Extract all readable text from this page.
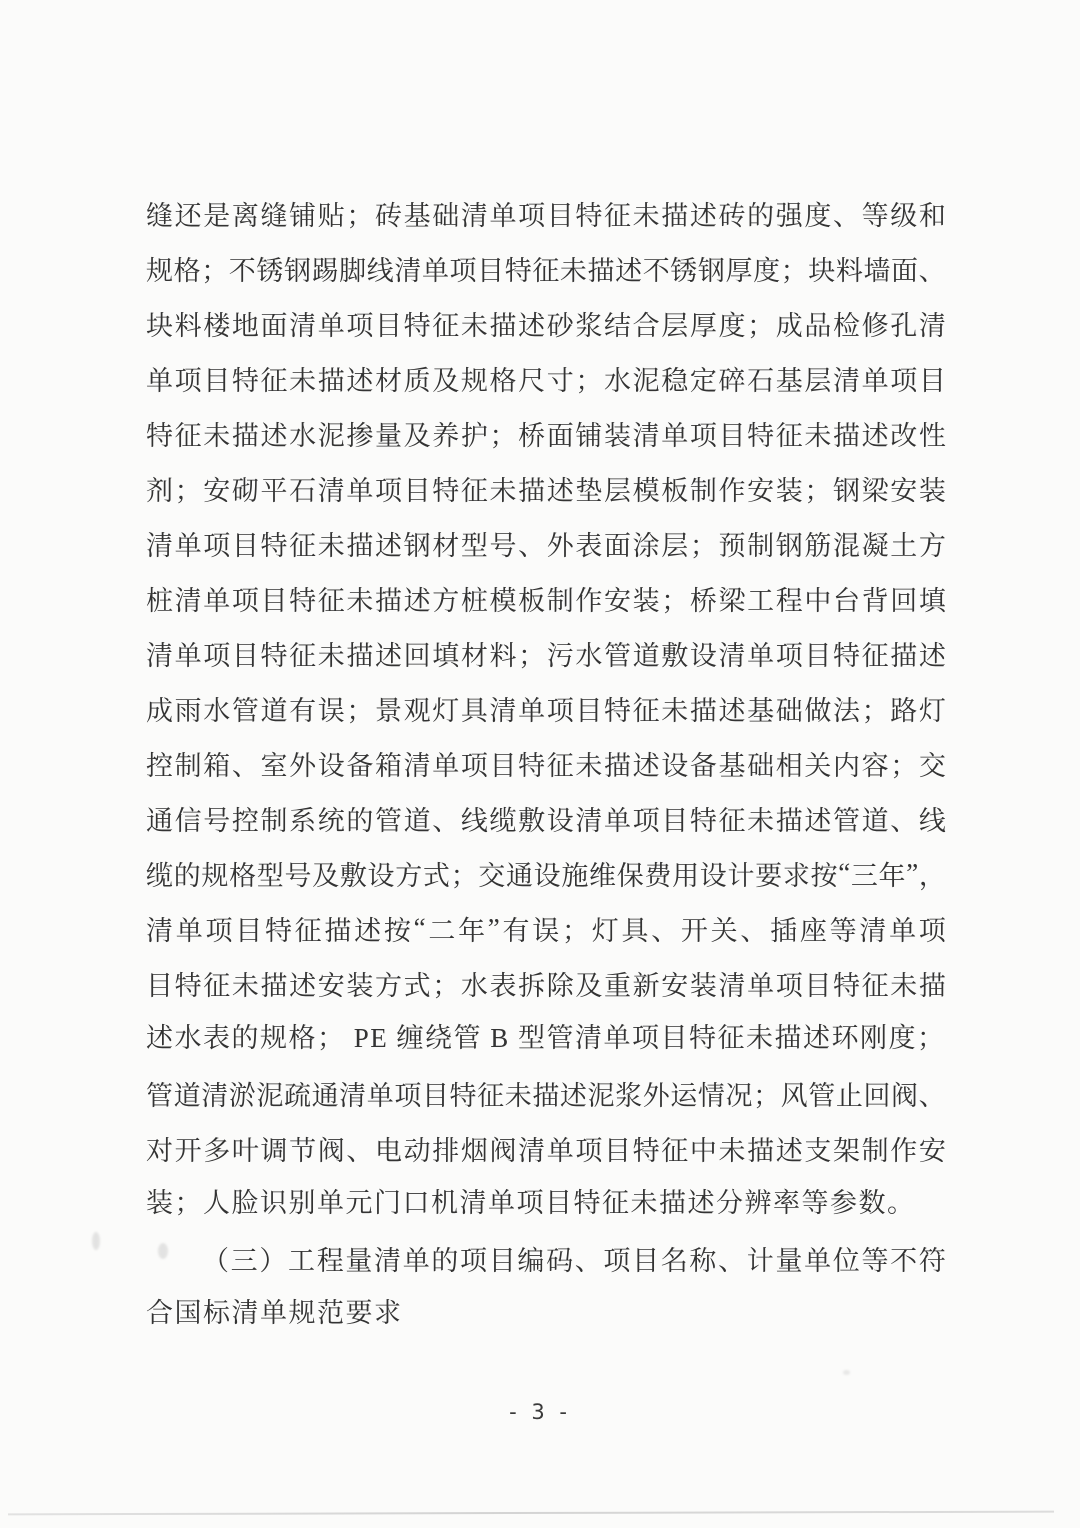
缝 还 是 离 缝 铺 贴 ； 砖 基 础 清 单 项 目 特 征 未 描 述 砖 的 强 度 、 等 级 和
规 格 ； 不 锈 钢 踢 脚 线 清 单 项 目 特 征 未 描 述 不 锈 钢 厚 度 ； 块 料 墙 面 、
块 料 楼 地 面 清 单 项 目 特 征 未 描 述 砂 浆 结 合 层 厚 度 ； 成 品 检 修 孔 清
单 项 目 特 征 未 描 述 材 质 及 规 格 尺 寸 ； 水 泥 稳 定 碎 石 基 层 清 单 项 目
特 征 未 描 述 水 泥 掺 量 及 养 护 ； 桥 面 铺 装 清 单 项 目 特 征 未 描 述 改 性
剂 ； 安 砌 平 石 清 单 项 目 特 征 未 描 述 垫 层 模 板 制 作 安 装 ； 钢 梁 安 装
清 单 项 目 特 征 未 描 述 钢 材 型 号 、 外 表 面 涂 层 ； 预 制 钢 筋 混 凝 土 方
桩 清 单 项 目 特 征 未 描 述 方 桩 模 板 制 作 安 装 ； 桥 梁 工 程 中 台 背 回 填
清 单 项 目 特 征 未 描 述 回 填 材 料 ； 污 水 管 道 敷 设 清 单 项 目 特 征 描 述
成 雨 水 管 道 有 误 ； 景 观 灯 具 清 单 项 目 特 征 未 描 述 基 础 做 法 ； 路 灯
控 制 箱 、 室 外 设 备 箱 清 单 项 目 特 征 未 描 述 设 备 基 础 相 关 内 容 ； 交
通 信 号 控 制 系 统 的 管 道 、 线 缆 敷 设 清 单 项 目 特 征 未 描 述 管 道 、 线
缆 的 规 格 型 号 及 敷 设 方 式 ； 交 通 设 施 维 保 费 用 设 计 要 求 按 “ 三 年 ” ，
清 单 项 目 特 征 描 述 按 “ 二 年 ” 有 误 ； 灯 具 、 开 关 、 插 座 等 清 单 项
目 特 征 未 描 述 安 装 方 式 ； 水 表 拆 除 及 重 新 安 装 清 单 项 目 特 征 未 描
述水表的规格； PE 缠绕管 B 型管清单项目特征未描述环刚度；
管 道 清 淤 泥 疏 通 清 单 项 目 特 征 未 描 述 泥 浆 外 运 情 况 ； 风 管 止 回 阀 、
对 开 多 叶 调 节 阀 、 电 动 排 烟 阀 清 单 项 目 特 征 中 未 描 述 支 架 制 作 安
装；人脸识别单元门口机清单项目特征未描述分辨率等参数。
（ 三 ） 工 程 量 清 单 的 项 目 编 码 、 项 目 名 称 、 计 量 单 位 等 不 符
合国标清单规范要求
- 3 -
